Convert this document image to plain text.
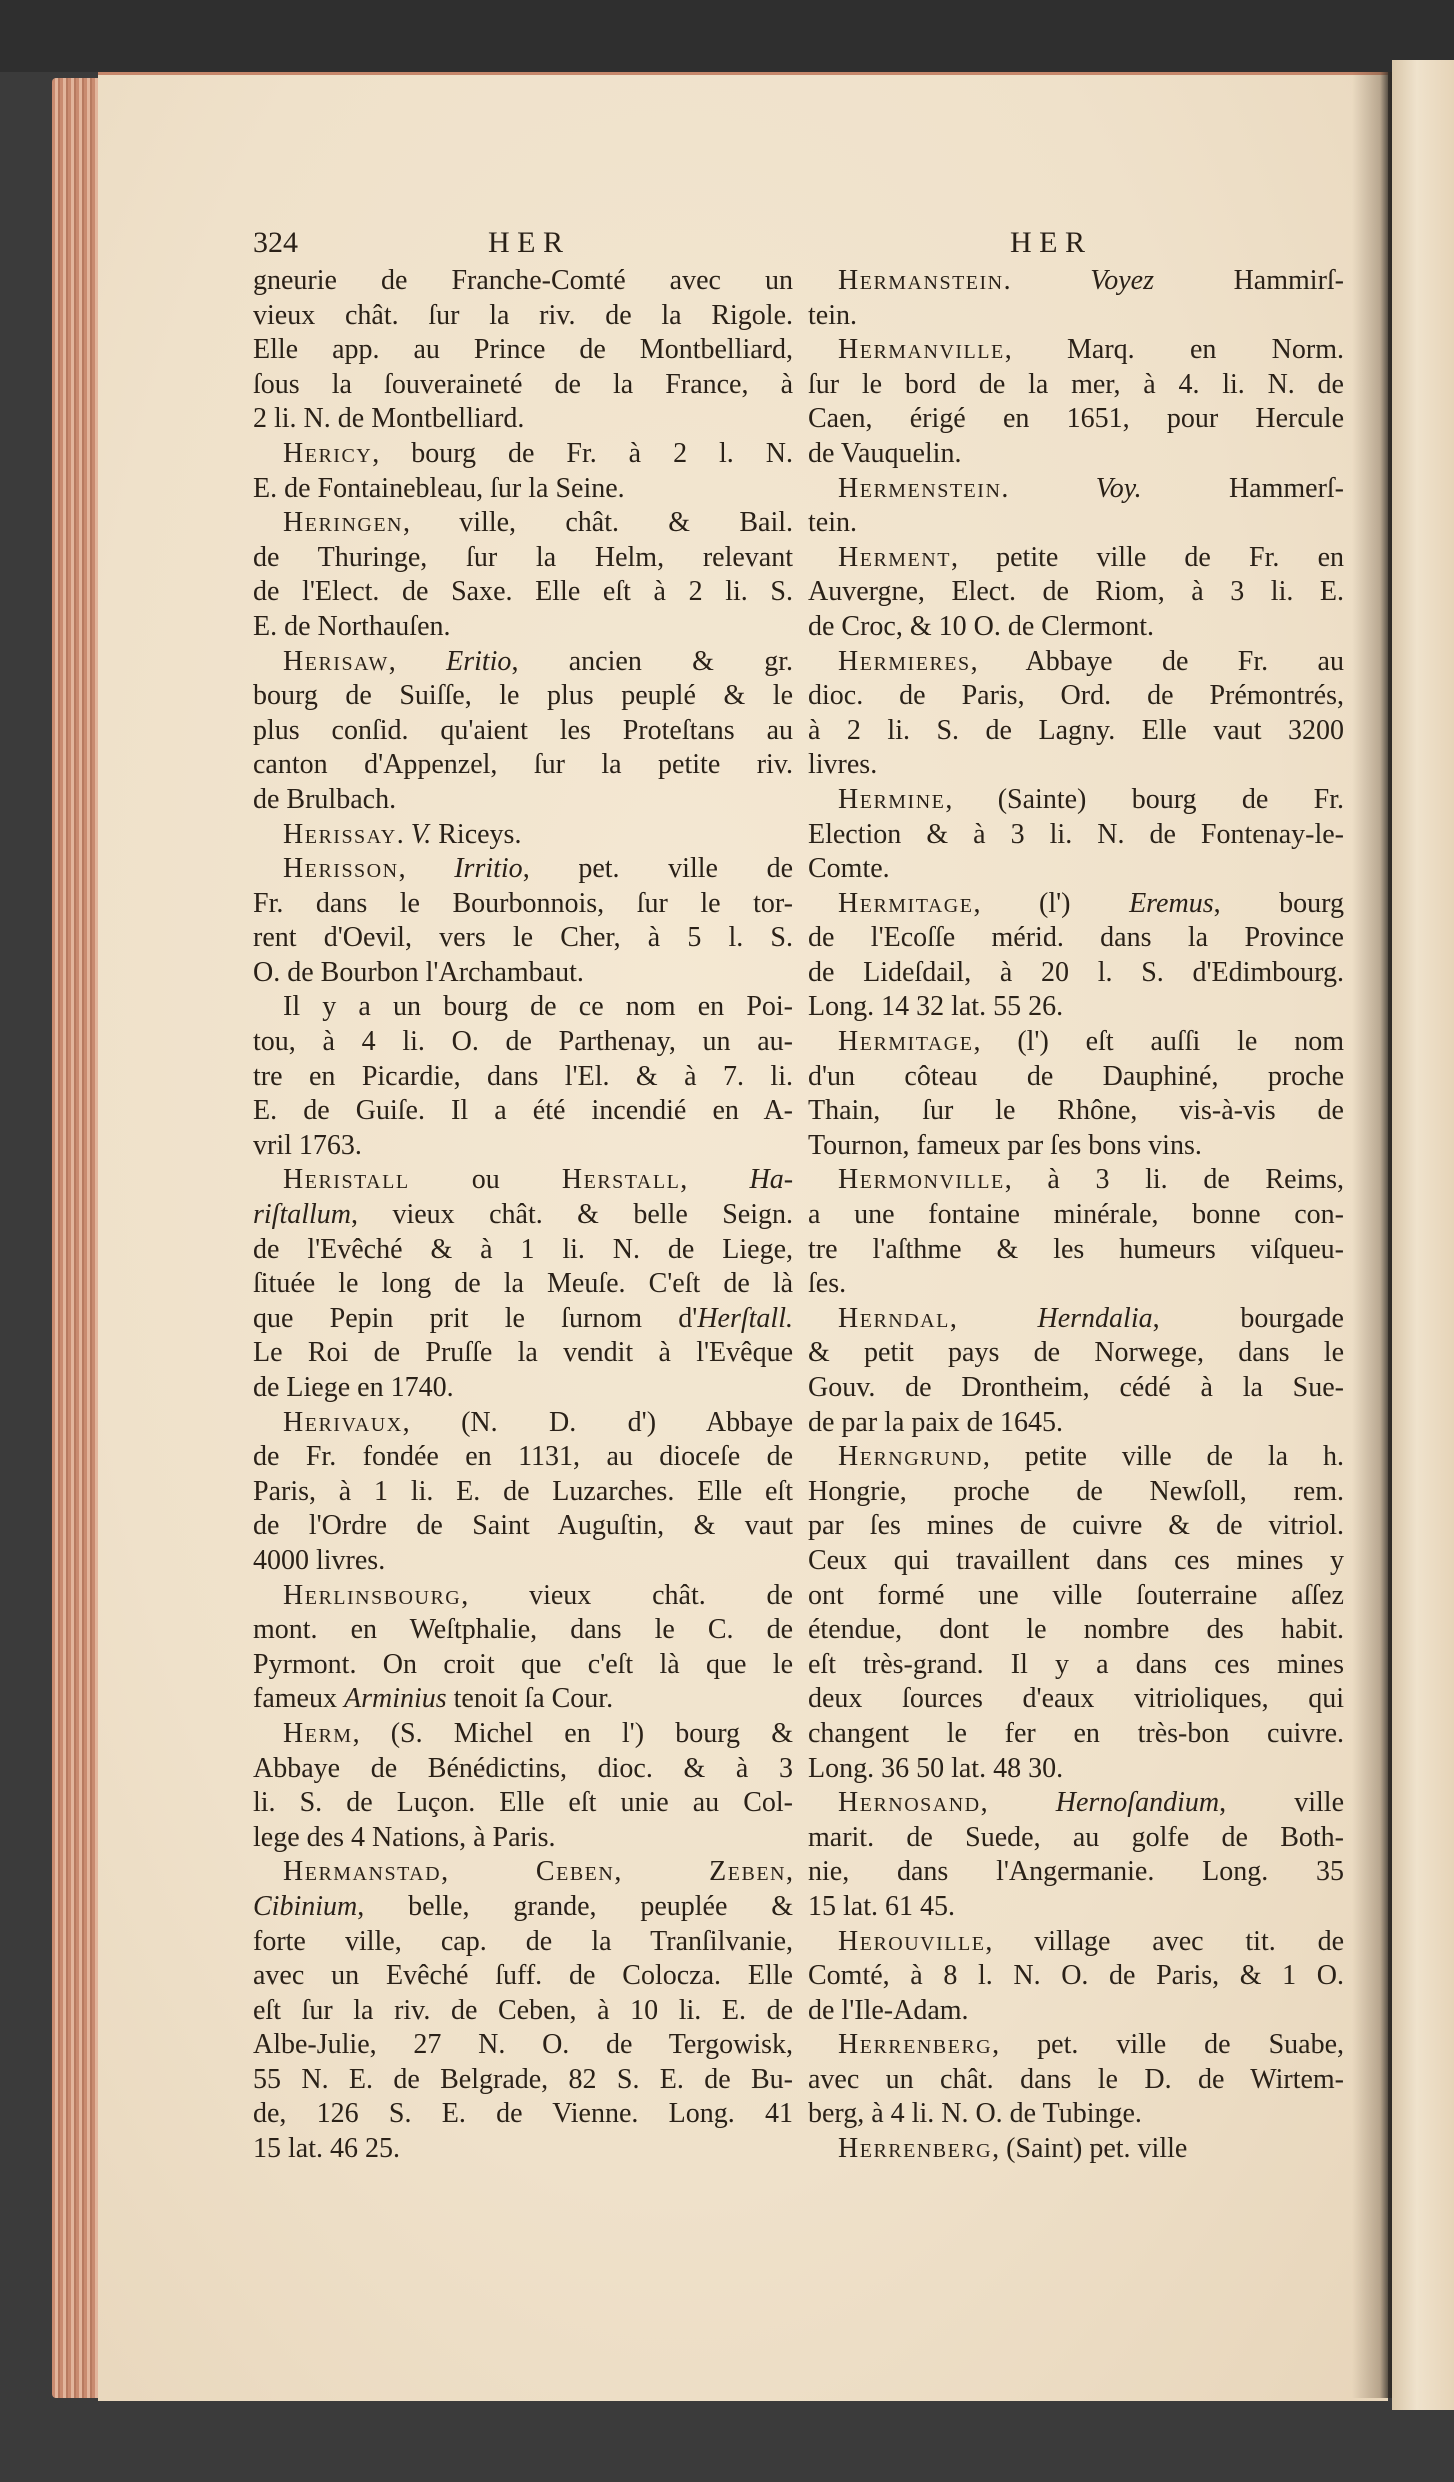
324	H E R	H E R
gneurie de Franche-Comté avec un
vieux chât. ſur la riv. de la Rigole.
Elle app. au Prince de Montbelliard,
ſous la ſouveraineté de la France, à
2 li. N. de Montbelliard.
Hericy, bourg de Fr. à 2 l. N.
E. de Fontainebleau, ſur la Seine.
Heringen, ville, chât. & Bail.
de Thuringe, ſur la Helm, relevant
de l'Elect. de Saxe. Elle eſt à 2 li. S.
E. de Northauſen.
Herisaw, Eritio, ancien & gr.
bourg de Suiſſe, le plus peuplé & le
plus conſid. qu'aient les Proteſtans au
canton d'Appenzel, ſur la petite riv.
de Brulbach.
Herissay. V. Riceys.
Herisson, Irritio, pet. ville de
Fr. dans le Bourbonnois, ſur le tor-
rent d'Oevil, vers le Cher, à 5 l. S.
O. de Bourbon l'Archambaut.
Il y a un bourg de ce nom en Poi-
tou, à 4 li. O. de Parthenay, un au-
tre en Picardie, dans l'El. & à 7. li.
E. de Guiſe. Il a été incendié en A-
vril 1763.
Heristall ou Herstall, Ha-
riſtallum, vieux chât. & belle Seign.
de l'Evêché & à 1 li. N. de Liege,
ſituée le long de la Meuſe. C'eſt de là
que Pepin prit le ſurnom d'Herſtall.
Le Roi de Pruſſe la vendit à l'Evêque
de Liege en 1740.
Herivaux, (N. D. d') Abbaye
de Fr. fondée en 1131, au dioceſe de
Paris, à 1 li. E. de Luzarches. Elle eſt
de l'Ordre de Saint Auguſtin, & vaut
4000 livres.
Herlinsbourg, vieux chât. de
mont. en Weſtphalie, dans le C. de
Pyrmont. On croit que c'eſt là que le
fameux Arminius tenoit ſa Cour.
Herm, (S. Michel en l') bourg &
Abbaye de Bénédictins, dioc. & à 3
li. S. de Luçon. Elle eſt unie au Col-
lege des 4 Nations, à Paris.
Hermanstad, Ceben, Zeben,
Cibinium, belle, grande, peuplée &
forte ville, cap. de la Tranſilvanie,
avec un Evêché ſuff. de Colocza. Elle
eſt ſur la riv. de Ceben, à 10 li. E. de
Albe-Julie, 27 N. O. de Tergowisk,
55 N. E. de Belgrade, 82 S. E. de Bu-
de, 126 S. E. de Vienne. Long. 41
15 lat. 46 25.
Hermanstein. Voyez Hammirſ-
tein.
Hermanville, Marq. en Norm.
ſur le bord de la mer, à 4. li. N. de
Caen, érigé en 1651, pour Hercule
de Vauquelin.
Hermenstein. Voy. Hammerſ-
tein.
Herment, petite ville de Fr. en
Auvergne, Elect. de Riom, à 3 li. E.
de Croc, & 10 O. de Clermont.
Hermieres, Abbaye de Fr. au
dioc. de Paris, Ord. de Prémontrés,
à 2 li. S. de Lagny. Elle vaut 3200
livres.
Hermine, (Sainte) bourg de Fr.
Election & à 3 li. N. de Fontenay-le-
Comte.
Hermitage, (l') Eremus, bourg
de l'Ecoſſe mérid. dans la Province
de Lideſdail, à 20 l. S. d'Edimbourg.
Long. 14 32 lat. 55 26.
Hermitage, (l') eſt auſſi le nom
d'un côteau de Dauphiné, proche
Thain, ſur le Rhône, vis-à-vis de
Tournon, fameux par ſes bons vins.
Hermonville, à 3 li. de Reims,
a une fontaine minérale, bonne con-
tre l'aſthme & les humeurs viſqueu-
ſes.
Herndal, Herndalia, bourgade
& petit pays de Norwege, dans le
Gouv. de Drontheim, cédé à la Sue-
de par la paix de 1645.
Herngrund, petite ville de la h.
Hongrie, proche de Newſoll, rem.
par ſes mines de cuivre & de vitriol.
Ceux qui travaillent dans ces mines y
ont formé une ville ſouterraine aſſez
étendue, dont le nombre des habit.
eſt très-grand. Il y a dans ces mines
deux ſources d'eaux vitrioliques, qui
changent le fer en très-bon cuivre.
Long. 36 50 lat. 48 30.
Hernosand, Hernoſandium, ville
marit. de Suede, au golfe de Both-
nie, dans l'Angermanie. Long. 35
15 lat. 61 45.
Herouville, village avec tit. de
Comté, à 8 l. N. O. de Paris, & 1 O.
de l'Ile-Adam.
Herrenberg, pet. ville de Suabe,
avec un chât. dans le D. de Wirtem-
berg, à 4 li. N. O. de Tubinge.
Herrenberg, (Saint) pet. ville
